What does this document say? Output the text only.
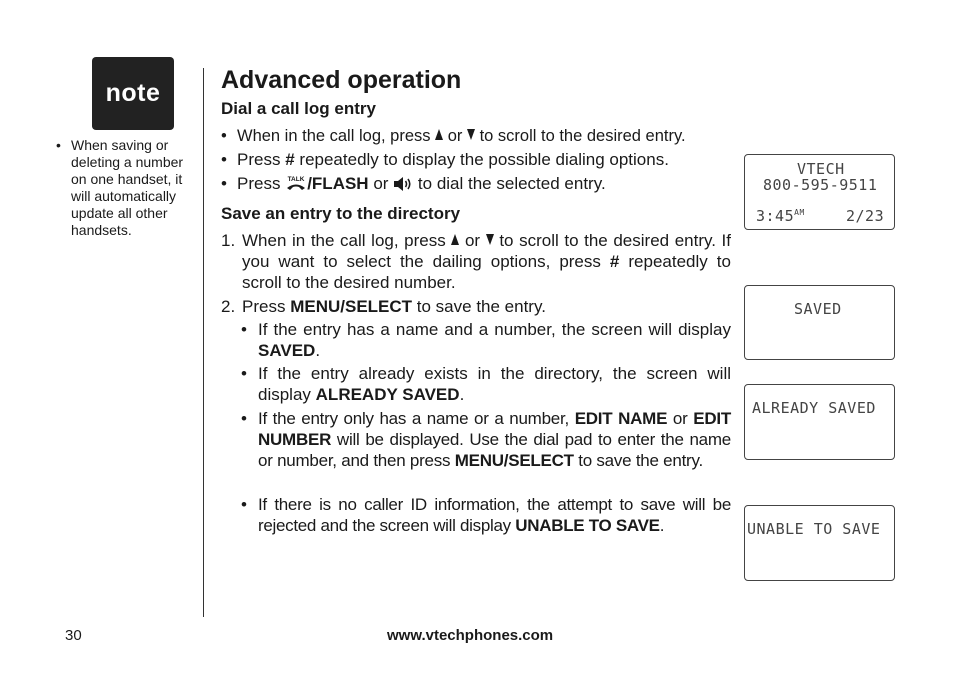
note
• When saving or deleting a number on one handset, it will automatically update all other handsets.
Advanced operation
Dial a call log entry
• When in the call log, press or to scroll to the desired entry.
• Press # repeatedly to display the possible dialing options.
• Press TALK /FLASH or to dial the selected entry.
Save an entry to the directory
1. When in the call log, press or to scroll to the desired entry. If you want to select the dailing options, press # repeatedly to scroll to the desired number.
2. Press MENU/SELECT to save the entry.
• If the entry has a name and a number, the screen will display SAVED.
• If the entry already exists in the directory, the screen will display ALREADY SAVED.
• If the entry only has a name or a number, EDIT NAME or EDIT NUMBER will be displayed. Use the dial pad to enter the name or number, and then press MENU/SELECT to save the entry.
• If there is no caller ID information, the attempt to save will be rejected and the screen will display UNABLE TO SAVE.
VTECH
800-595-9511
$3:45^{AM}$	2/23
SAVED
ALREADY SAVED
UNABLE TO SAVE
30	www.vtechphones.com
